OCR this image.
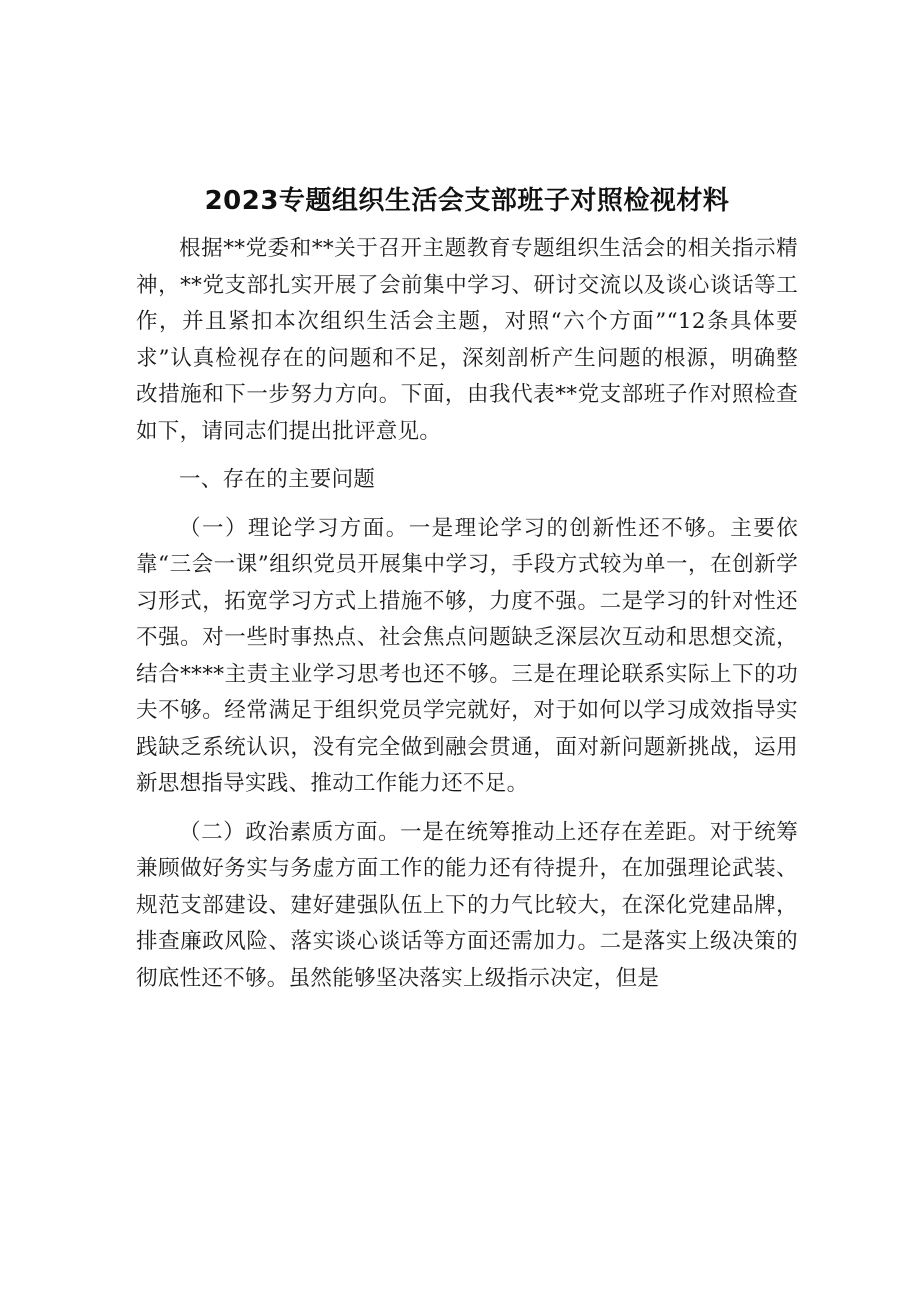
2023专题组织生活会支部班子对照检视材料

根据**党委和**关于召开主题教育专题组织生活会的相关指示精神，**党支部扎实开展了会前集中学习、研讨交流以及谈心谈话等工作，并且紧扣本次组织生活会主题，对照“六个方面”“12条具体要求”认真检视存在的问题和不足，深刻剖析产生问题的根源，明确整改措施和下一步努力方向。下面，由我代表**党支部班子作对照检查如下，请同志们提出批评意见。

一、存在的主要问题

（一）理论学习方面。一是理论学习的创新性还不够。主要依靠“三会一课”组织党员开展集中学习，手段方式较为单一，在创新学习形式，拓宽学习方式上措施不够，力度不强。二是学习的针对性还不强。对一些时事热点、社会焦点问题缺乏深层次互动和思想交流，结合****主责主业学习思考也还不够。三是在理论联系实际上下的功夫不够。经常满足于组织党员学完就好，对于如何以学习成效指导实践缺乏系统认识，没有完全做到融会贯通，面对新问题新挑战，运用新思想指导实践、推动工作能力还不足。

（二）政治素质方面。一是在统筹推动上还存在差距。对于统筹兼顾做好务实与务虚方面工作的能力还有待提升，在加强理论武装、规范支部建设、建好建强队伍上下的力气比较大，在深化党建品牌，排查廉政风险、落实谈心谈话等方面还需加力。二是落实上级决策的彻底性还不够。虽然能够坚决落实上级指示决定，但是
